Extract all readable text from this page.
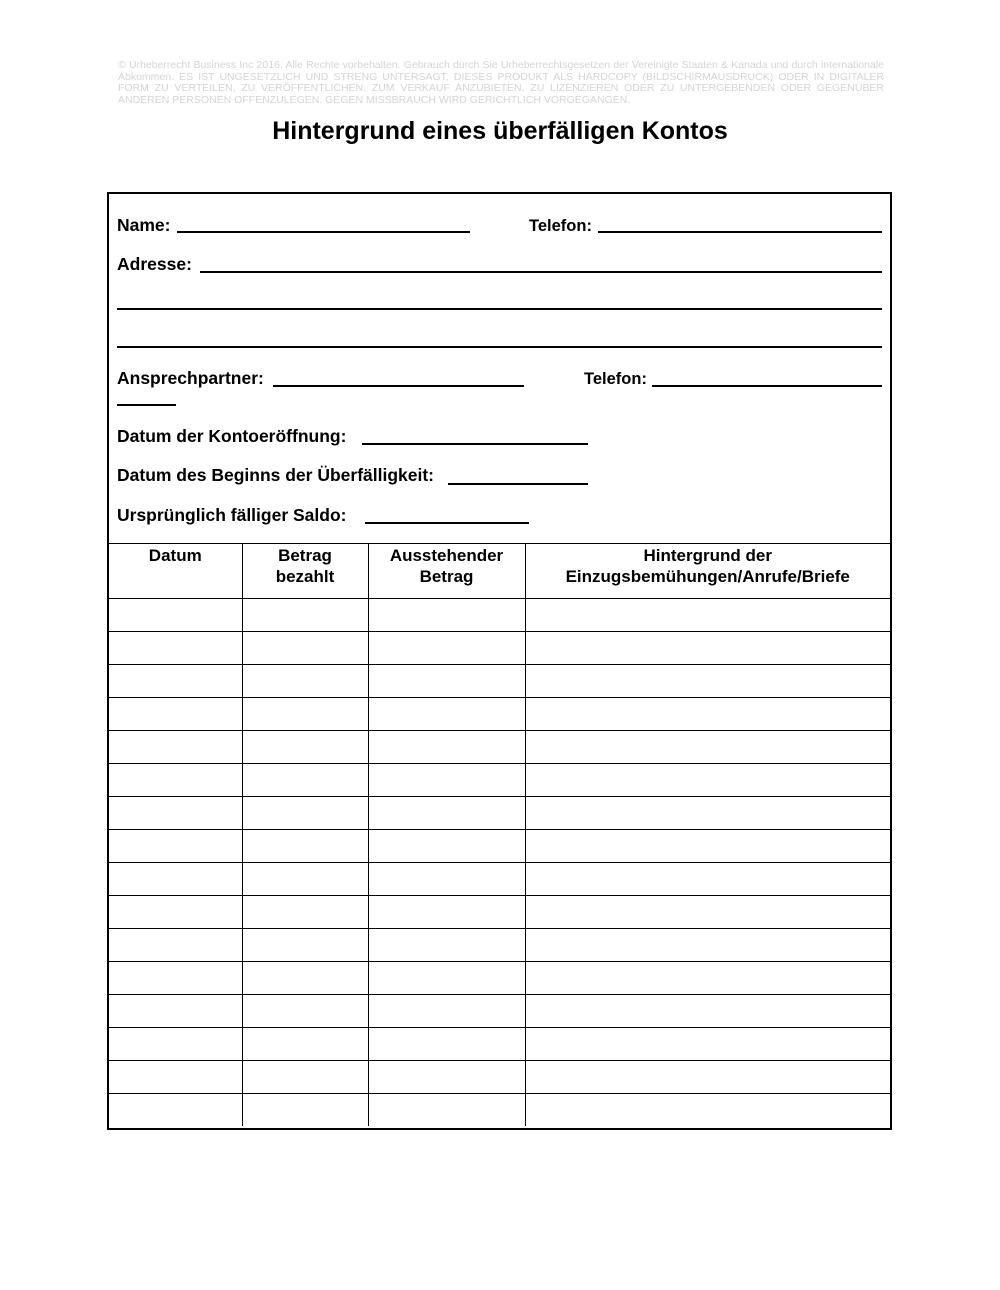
© Urheberrecht Business Inc 2016. Alle Rechte vorbehalten. Gebrauch durch Sie Urheberrechtsgesetzen der Vereinigte Staaten & Kanada und durch internationale Abkommen. ES IST UNGESETZLICH UND STRENG UNTERSAGT, DIESES PRODUKT ALS HARDCOPY (BILDSCHIRMAUSDRUCK) ODER IN DIGITALER FORM ZU VERTEILEN, ZU VERÖFFENTLICHEN, ZUM VERKAUF ANZUBIETEN, ZU LIZENZIEREN ODER ZU UNTERGEBENDEN ODER GEGENÜBER ANDEREN PERSONEN OFFENZULEGEN. GEGEN MISSBRAUCH WIRD GERICHTLICH VORGEGANGEN.
Hintergrund eines überfälligen Kontos
Name:	Telefon:
Adresse:
Ansprechpartner:	Telefon:
Datum der Kontoeröffnung:
Datum des Beginns der Überfälligkeit:
Ursprünglich fälliger Saldo:
Datum	Betrag bezahlt	Ausstehender Betrag	Hintergrund der Einzugsbemühungen/Anrufe/Briefe
